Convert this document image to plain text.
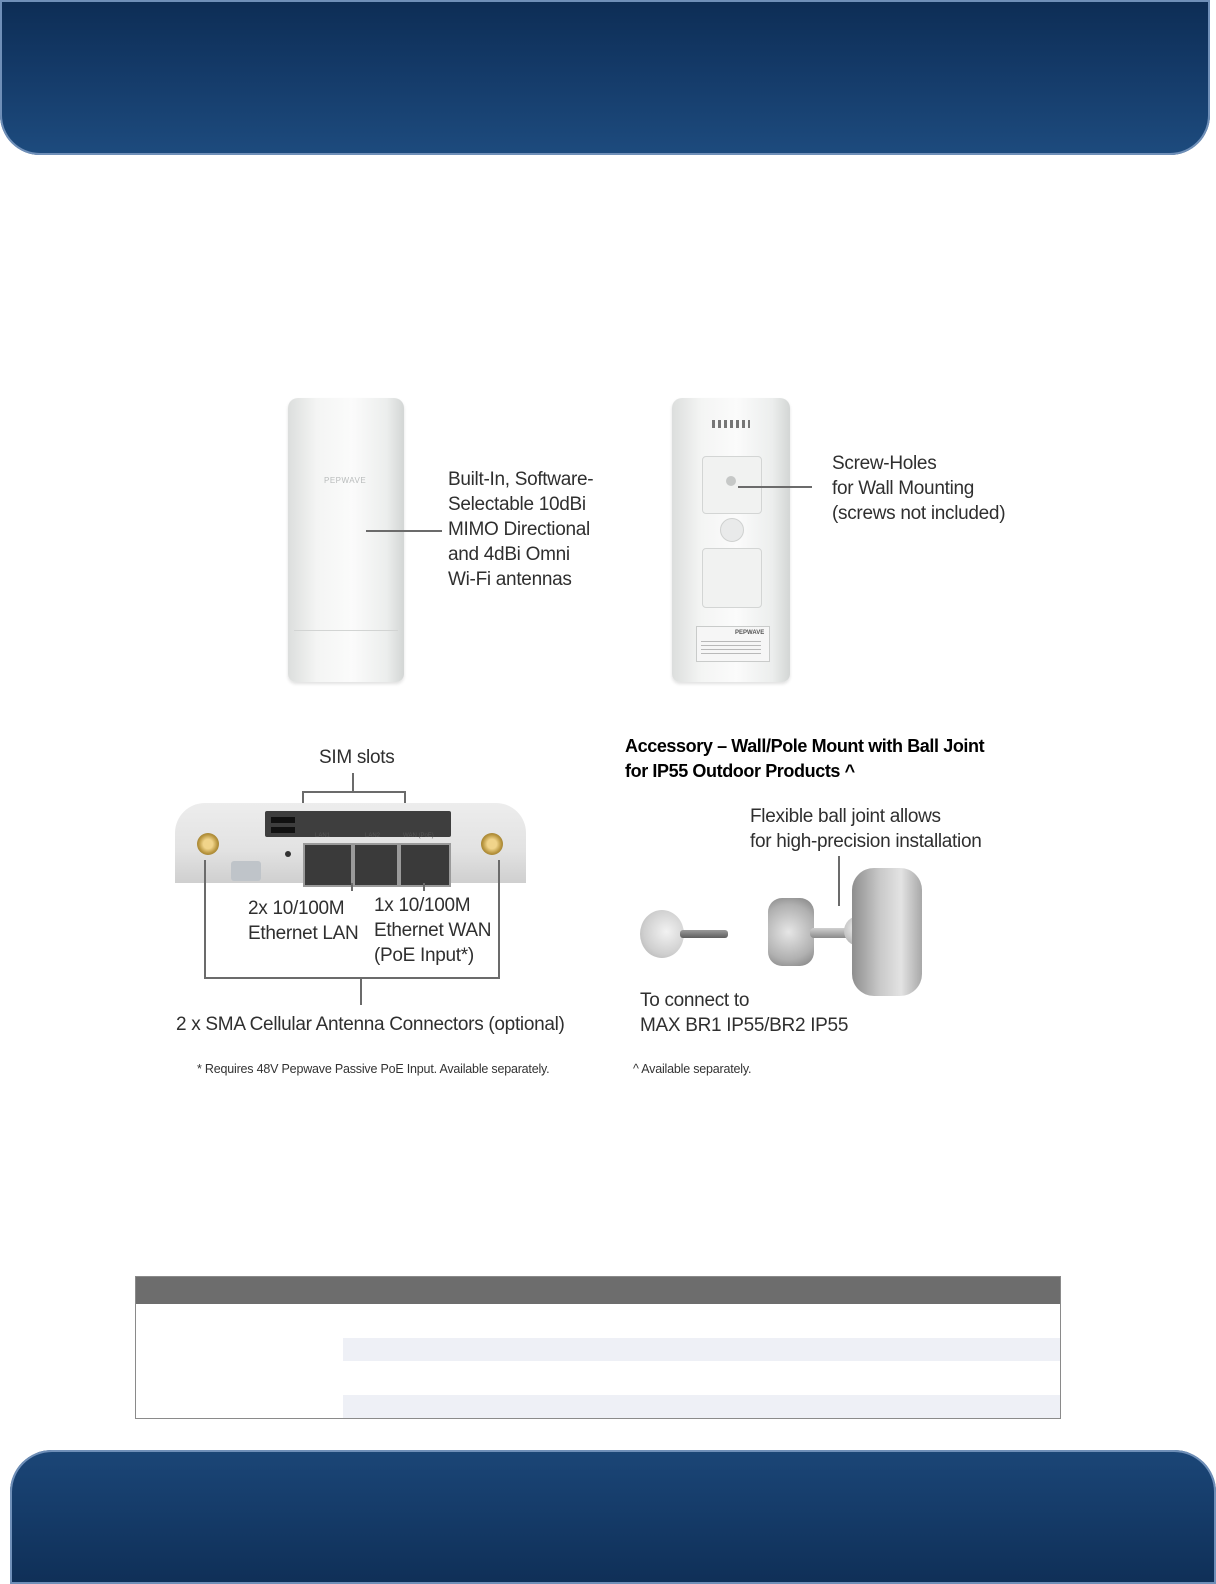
PEPWAVE	Built-In, Software-
Selectable 10dBi
MIMO Directional
and 4dBi Omni
Wi-Fi antennas
PEPWAVE
Screw-Holes
for Wall Mounting
(screws not included)
SIM slots
LAN1	LAN2	WAN (PoE)
2x 10/100M
Ethernet LAN
1x 10/100M
Ethernet WAN
(PoE Input*)
2 x SMA Cellular Antenna Connectors (optional)
Accessory – Wall/Pole Mount with Ball Joint
for IP55 Outdoor Products ^
Flexible ball joint allows
for high-precision installation
To connect to
MAX BR1 IP55/BR2 IP55
* Requires 48V Pepwave Passive PoE Input. Available separately.	^ Available separately.
